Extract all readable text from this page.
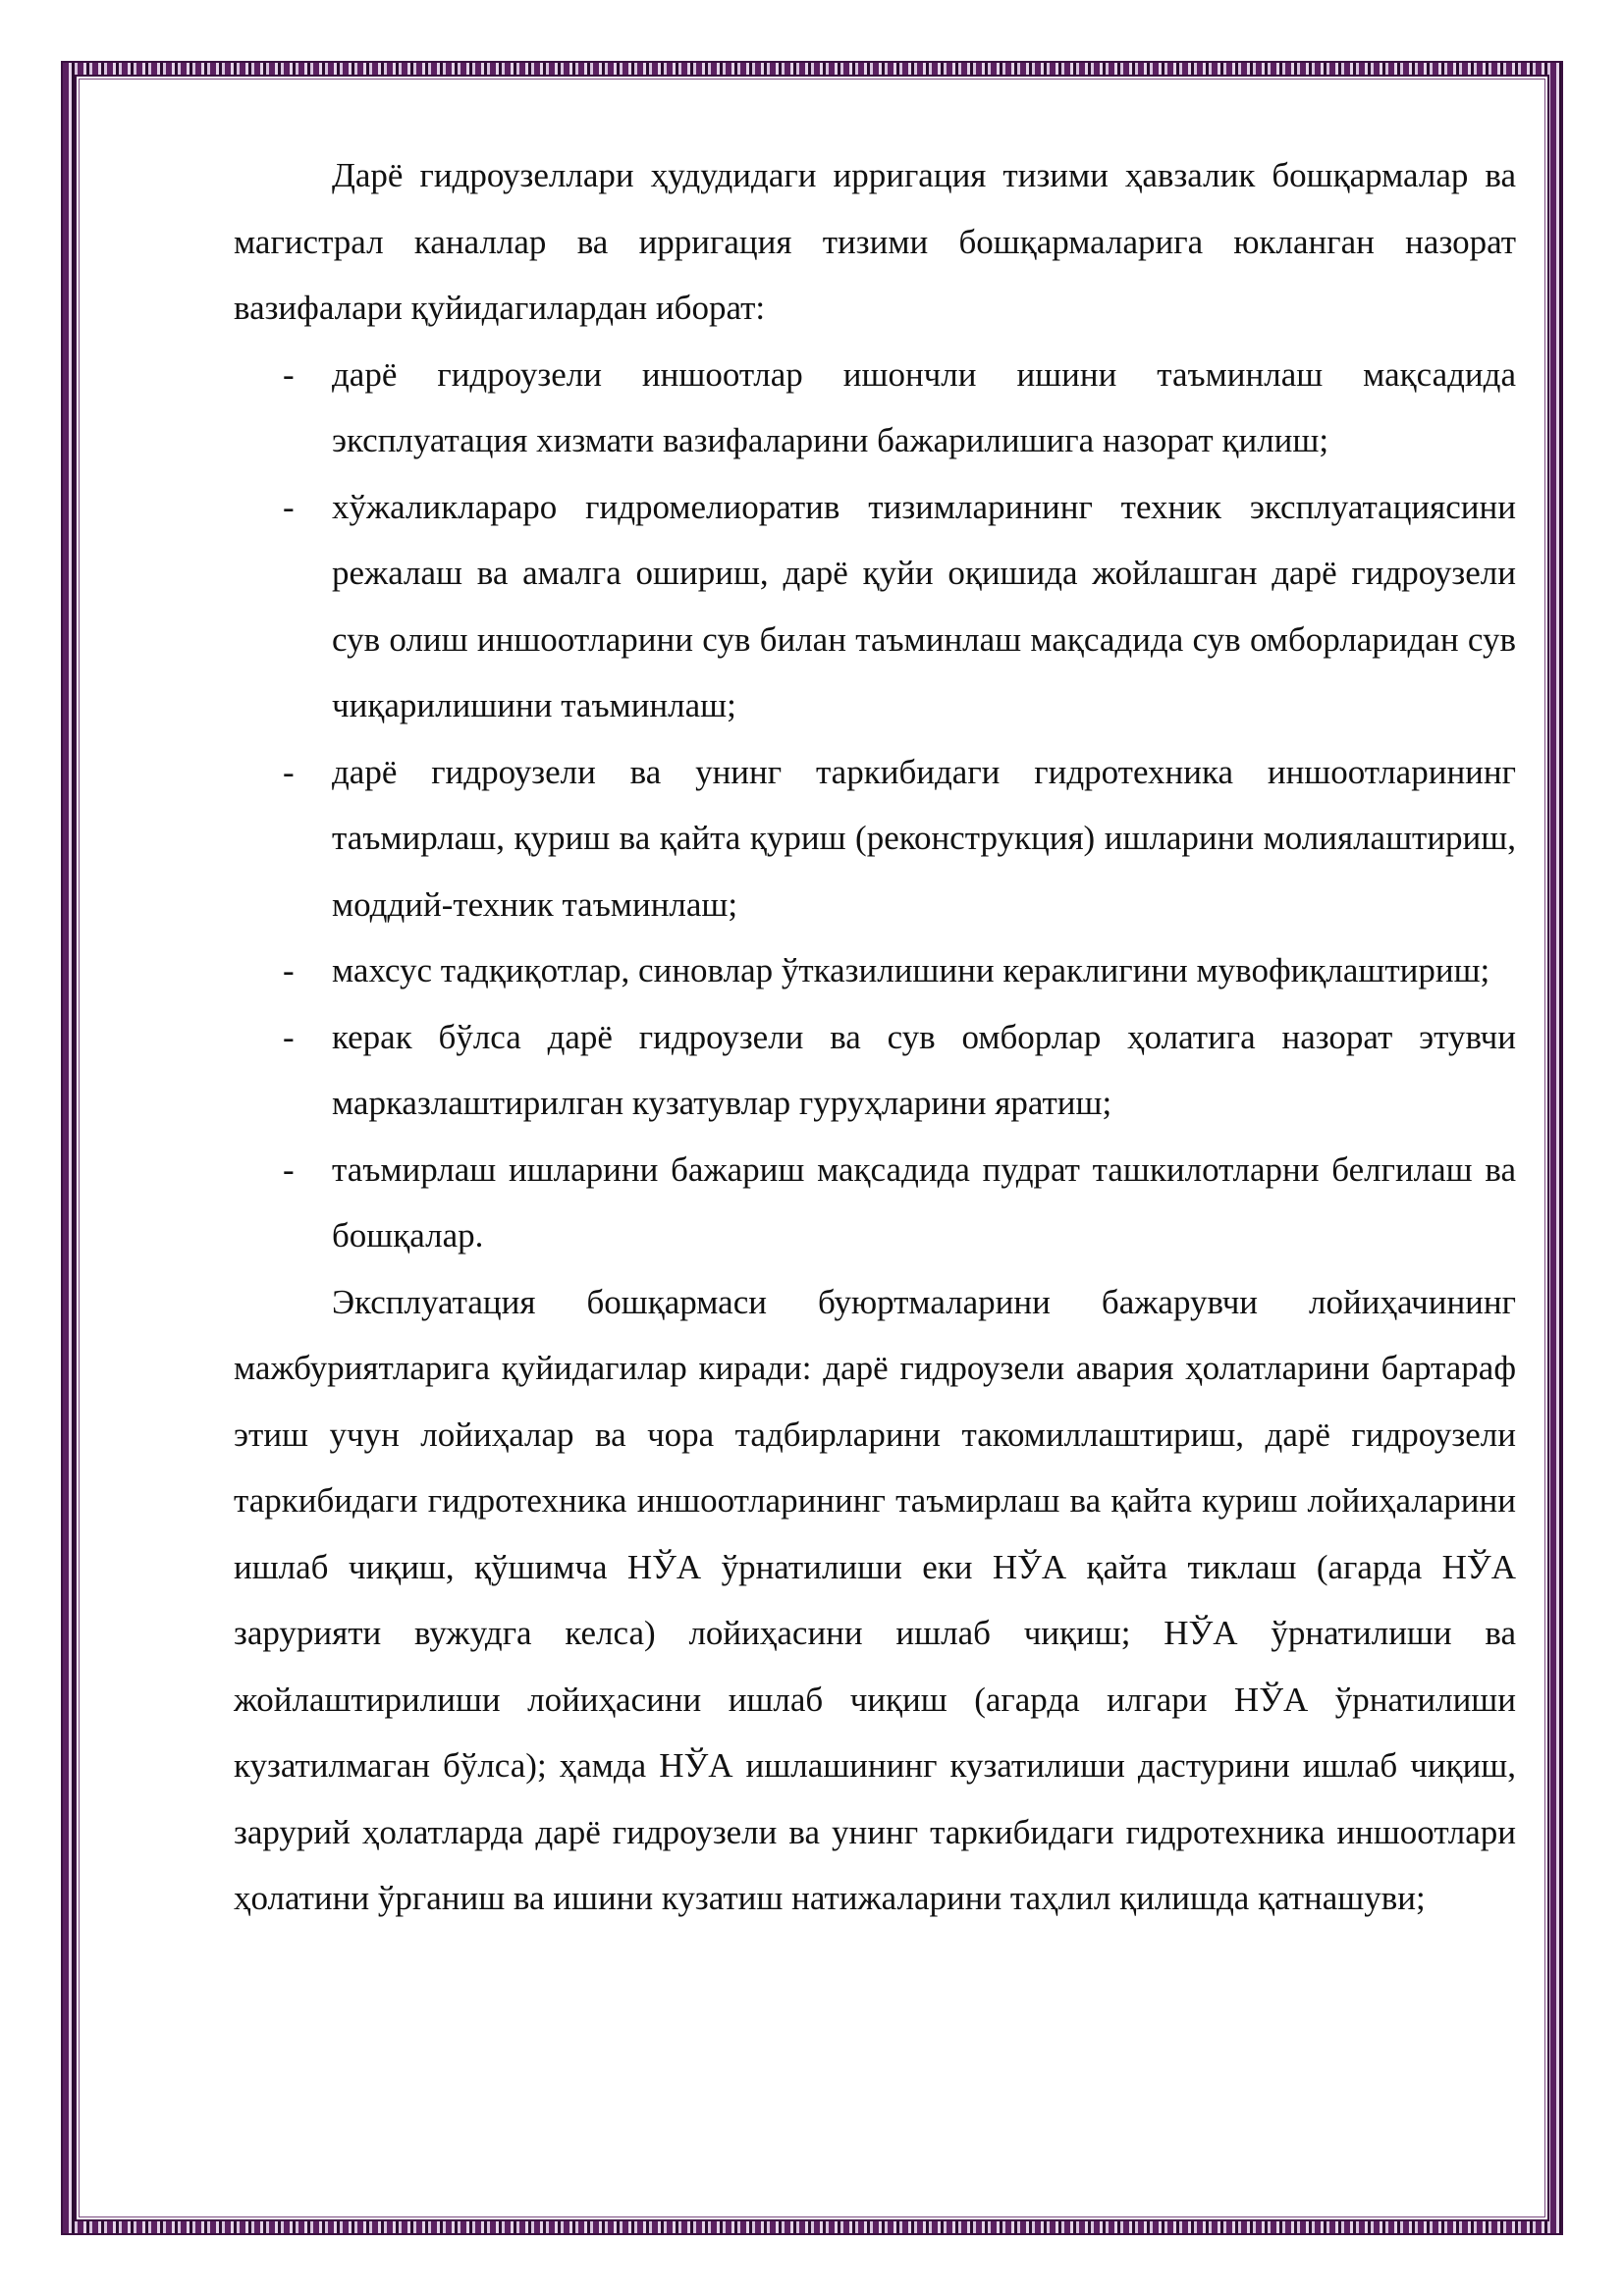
Дарё гидроузеллари ҳудудидаги ирригация тизими ҳавзалик бошқармалар ва магистрал каналлар ва ирригация тизими бошқармаларига юкланган назорат вазифалари қуйидагилардан иборат:

- дарё гидроузели иншоотлар ишончли ишини таъминлаш мақсадида эксплуатация хизмати вазифаларини бажарилишига назорат қилиш;
- хўжаликлараро гидромелиоратив тизимларининг техник эксплуатациясини режалаш ва амалга ошириш, дарё қуйи оқишида жойлашган дарё гидроузели сув олиш иншоотларини сув билан таъминлаш мақсадида сув омборларидан сув чиқарилишини таъминлаш;
- дарё гидроузели ва унинг таркибидаги гидротехника иншоотларининг таъмирлаш, қуриш ва қайта қуриш (реконструкция) ишларини молиялаштириш, моддий-техник таъминлаш;
- махсус тадқиқотлар, синовлар ўтказилишини кераклигини мувофиқлаштириш;
- керак бўлса дарё гидроузели ва сув омборлар ҳолатига назорат этувчи марказлаштирилган кузатувлар гуруҳларини яратиш;
- таъмирлаш ишларини бажариш мақсадида пудрат ташкилотларни белгилаш ва бошқалар.

Эксплуатация бошқармаси буюртмаларини бажарувчи лойиҳачининг мажбуриятларига қуйидагилар киради: дарё гидроузели авария ҳолатларини бартараф этиш учун лойиҳалар ва чора тадбирларини такомиллаштириш, дарё гидроузели таркибидаги гидротехника иншоотларининг таъмирлаш ва қайта куриш лойиҳаларини ишлаб чиқиш, қўшимча НЎА ўрнатилиши еки НЎА қайта тиклаш (агарда НЎА зарурияти вужудга келса) лойиҳасини ишлаб чиқиш; НЎА ўрнатилиши ва жойлаштирилиши лойиҳасини ишлаб чиқиш (агарда илгари НЎА ўрнатилиши кузатилмаган бўлса); ҳамда НЎА ишлашининг кузатилиши дастурини ишлаб чиқиш, зарурий ҳолатларда дарё гидроузели ва унинг таркибидаги гидротехника иншоотлари ҳолатини ўрганиш ва ишини кузатиш натижаларини таҳлил қилишда қатнашуви;
